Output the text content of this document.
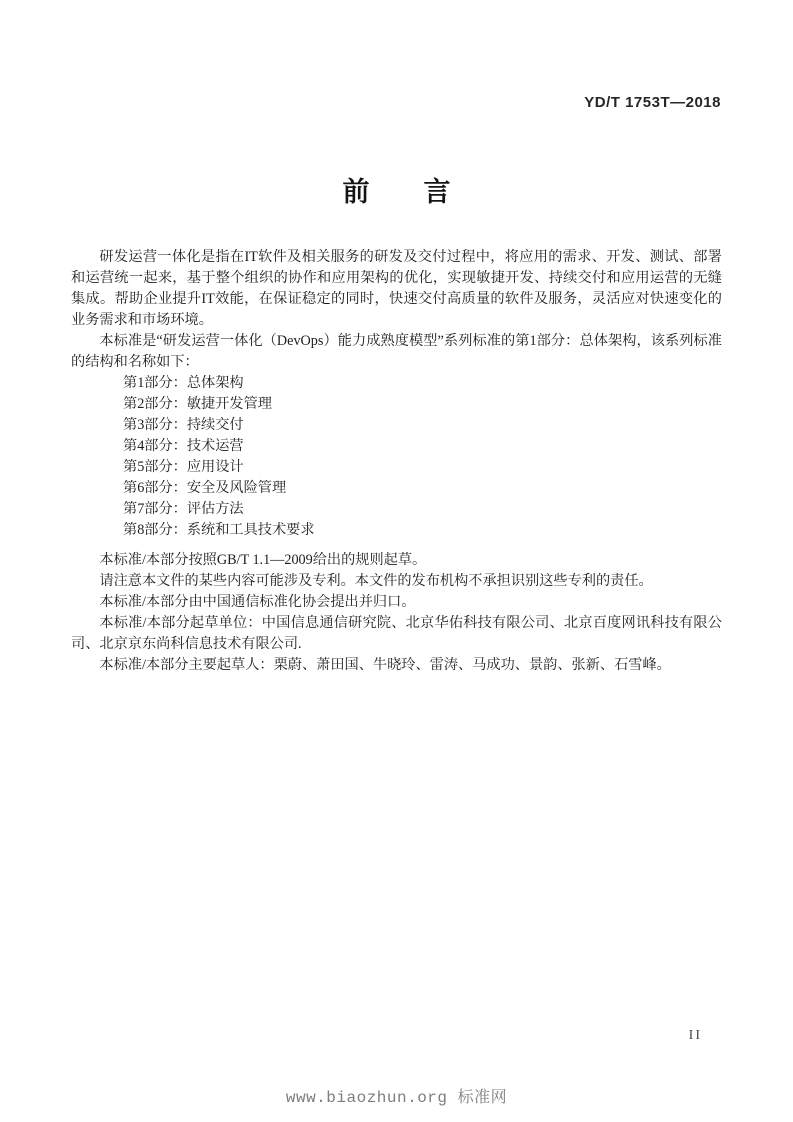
YD/T 1753T—2018
前　　言

研发运营一体化是指在IT软件及相关服务的研发及交付过程中，将应用的需求、开发、测试、部署和运营统一起来，基于整个组织的协作和应用架构的优化，实现敏捷开发、持续交付和应用运营的无缝集成。帮助企业提升IT效能，在保证稳定的同时，快速交付高质量的软件及服务，灵活应对快速变化的业务需求和市场环境。

本标准是“研发运营一体化（DevOps）能力成熟度模型”系列标准的第1部分：总体架构，该系列标准的结构和名称如下：

第1部分：总体架构
第2部分：敏捷开发管理
第3部分：持续交付
第4部分：技术运营
第5部分：应用设计
第6部分：安全及风险管理
第7部分：评估方法
第8部分：系统和工具技术要求

本标准/本部分按照GB/T 1.1—2009给出的规则起草。

请注意本文件的某些内容可能涉及专利。本文件的发布机构不承担识别这些专利的责任。

本标准/本部分由中国通信标准化协会提出并归口。

本标准/本部分起草单位：中国信息通信研究院、北京华佑科技有限公司、北京百度网讯科技有限公司、北京京东尚科信息技术有限公司.

本标准/本部分主要起草人：栗蔚、萧田国、牛晓玲、雷涛、马成功、景韵、张新、石雪峰。

II
www.biaozhun.org 标准网
